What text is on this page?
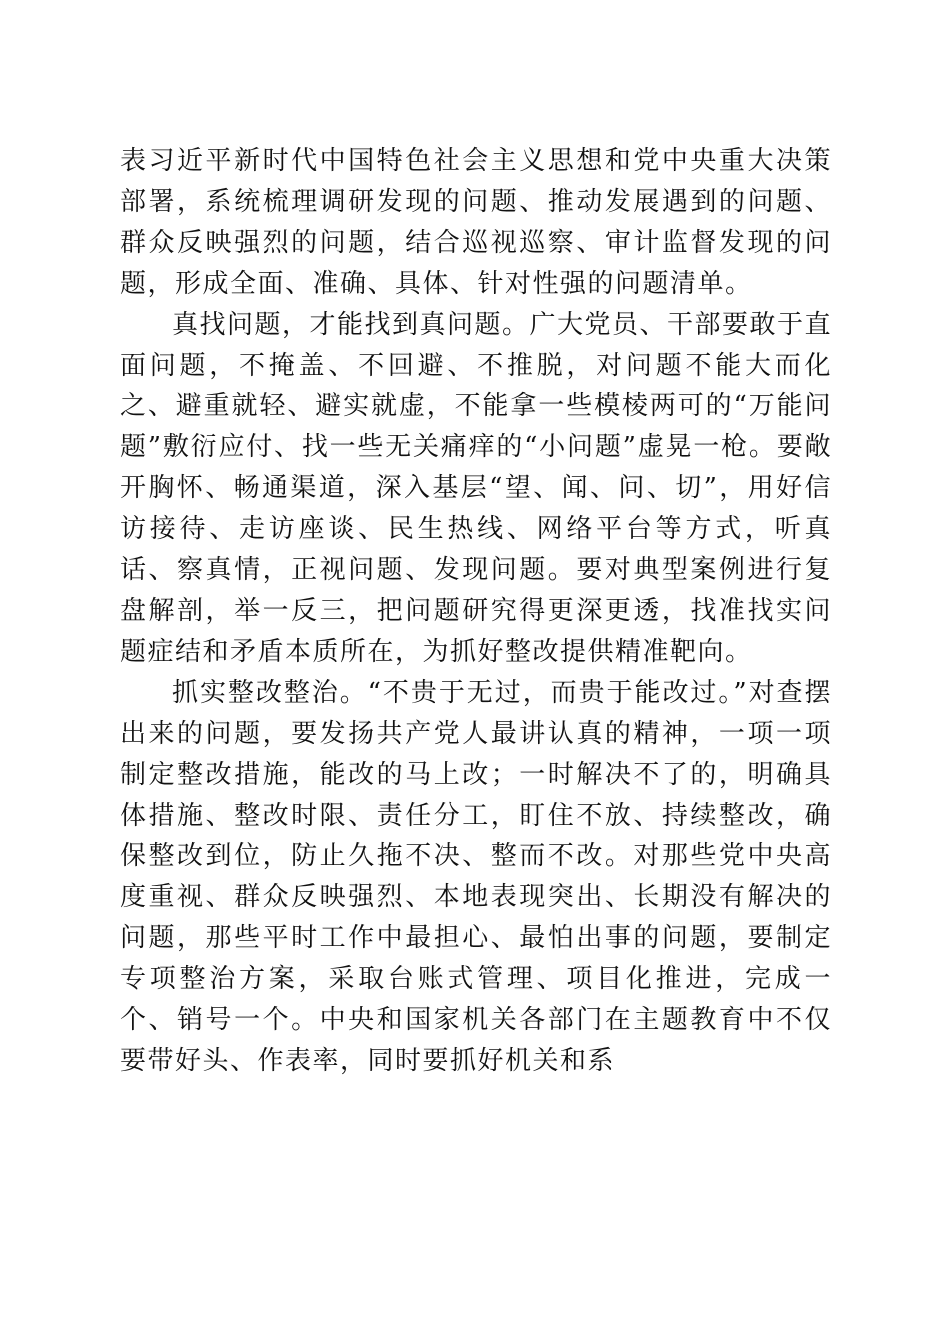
表习近平新时代中国特色社会主义思想和党中央重大决策部署，系统梳理调研发现的问题、推动发展遇到的问题、群众反映强烈的问题，结合巡视巡察、审计监督发现的问题，形成全面、准确、具体、针对性强的问题清单。

真找问题，才能找到真问题。广大党员、干部要敢于直面问题，不掩盖、不回避、不推脱，对问题不能大而化之、避重就轻、避实就虚，不能拿一些模棱两可的“万能问题”敷衍应付、找一些无关痛痒的“小问题”虚晃一枪。要敞开胸怀、畅通渠道，深入基层“望、闻、问、切”，用好信访接待、走访座谈、民生热线、网络平台等方式，听真话、察真情，正视问题、发现问题。要对典型案例进行复盘解剖，举一反三，把问题研究得更深更透，找准找实问题症结和矛盾本质所在，为抓好整改提供精准靶向。

抓实整改整治。“不贵于无过，而贵于能改过。”对查摆出来的问题，要发扬共产党人最讲认真的精神，一项一项制定整改措施，能改的马上改；一时解决不了的，明确具体措施、整改时限、责任分工，盯住不放、持续整改，确保整改到位，防止久拖不决、整而不改。对那些党中央高度重视、群众反映强烈、本地表现突出、长期没有解决的问题，那些平时工作中最担心、最怕出事的问题，要制定专项整治方案，采取台账式管理、项目化推进，完成一个、销号一个。中央和国家机关各部门在主题教育中不仅要带好头、作表率，同时要抓好机关和系
